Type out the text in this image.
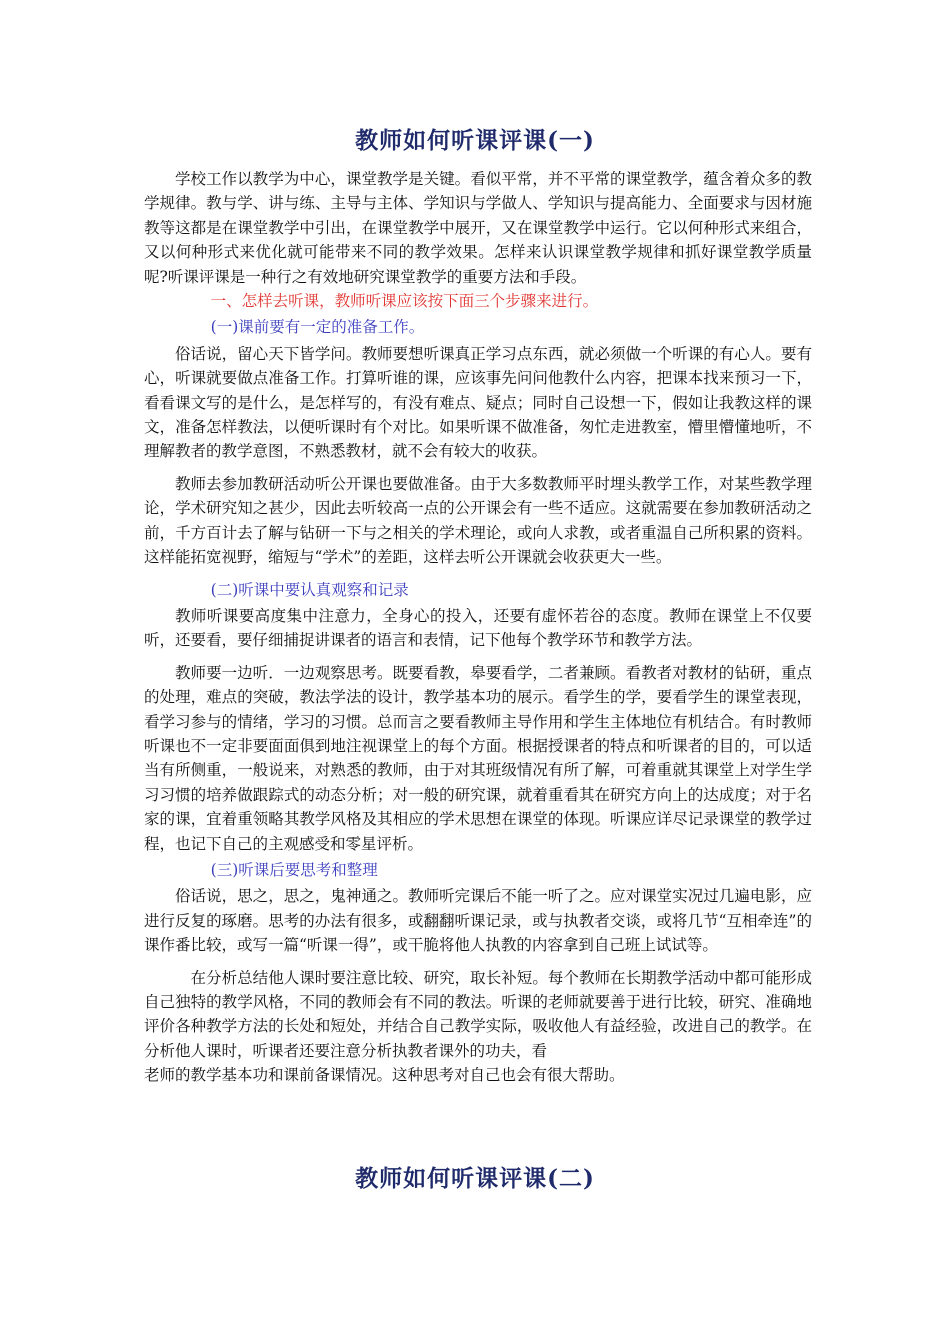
教师如何听课评课(一)

学校工作以教学为中心，课堂教学是关键。看似平常，并不平常的课堂教学，蕴含着众多的教学规律。教与学、讲与练、主导与主体、学知识与学做人、学知识与提高能力、全面要求与因材施教等这都是在课堂教学中引出，在课堂教学中展开，又在课堂教学中运行。它以何种形式来组合，又以何种形式来优化就可能带来不同的教学效果。怎样来认识课堂教学规律和抓好课堂教学质量呢?听课评课是一种行之有效地研究课堂教学的重要方法和手段。

一、怎样去听课，教师听课应该按下面三个步骤来进行。

(一)课前要有一定的准备工作。

俗话说，留心天下皆学问。教师要想听课真正学习点东西，就必须做一个听课的有心人。要有心，听课就要做点准备工作。打算听谁的课，应该事先问问他教什么内容，把课本找来预习一下，看看课文写的是什么，是怎样写的，有没有难点、疑点；同时自己设想一下，假如让我教这样的课文，准备怎样教法，以便听课时有个对比。如果听课不做准备，匆忙走进教室，懵里懵懂地听，不理解教者的教学意图，不熟悉教材，就不会有较大的收获。

教师去参加教研活动听公开课也要做准备。由于大多数教师平时埋头教学工作，对某些教学理论，学术研究知之甚少，因此去听较高一点的公开课会有一些不适应。这就需要在参加教研活动之前，千方百计去了解与钻研一下与之相关的学术理论，或向人求教，或者重温自己所积累的资料。这样能拓宽视野，缩短与“学术”的差距，这样去听公开课就会收获更大一些。

(二)听课中要认真观察和记录

教师听课要高度集中注意力，全身心的投入，还要有虚怀若谷的态度。教师在课堂上不仅要听，还要看，要仔细捕捉讲课者的语言和表情，记下他每个教学环节和教学方法。

教师要一边听．一边观察思考。既要看教，皋要看学，二者兼顾。看教者对教材的钻研，重点的处理，难点的突破，教法学法的设计，教学基本功的展示。看学生的学，要看学生的课堂表现，看学习参与的情绪，学习的习惯。总而言之要看教师主导作用和学生主体地位有机结合。有时教师听课也不一定非要面面俱到地注视课堂上的每个方面。根据授课者的特点和听课者的目的，可以适当有所侧重，一般说来，对熟悉的教师，由于对其班级情况有所了解，可着重就其课堂上对学生学习习惯的培养做跟踪式的动态分析；对一般的研究课，就着重看其在研究方向上的达成度；对于名家的课，宜着重领略其教学风格及其相应的学术思想在课堂的体现。听课应详尽记录课堂的教学过程，也记下自己的主观感受和零星评析。

(三)听课后要思考和整理

俗话说，思之，思之，鬼神通之。教师听完课后不能一听了之。应对课堂实况过几遍电影，应进行反复的琢磨。思考的办法有很多，或翻翻听课记录，或与执教者交谈，或将几节“互相牵连”的课作番比较，或写一篇“听课一得”，或干脆将他人执教的内容拿到自己班上试试等。

在分析总结他人课时要注意比较、研究，取长补短。每个教师在长期教学活动中都可能形成自己独特的教学风格，不同的教师会有不同的教法。听课的老师就要善于进行比较，研究、准确地评价各种教学方法的长处和短处，并结合自己教学实际，吸收他人有益经验，改进自己的教学。在分析他人课时，听课者还要注意分析执教者课外的功夫，看

老师的教学基本功和课前备课情况。这种思考对自己也会有很大帮助。

教师如何听课评课(二)
